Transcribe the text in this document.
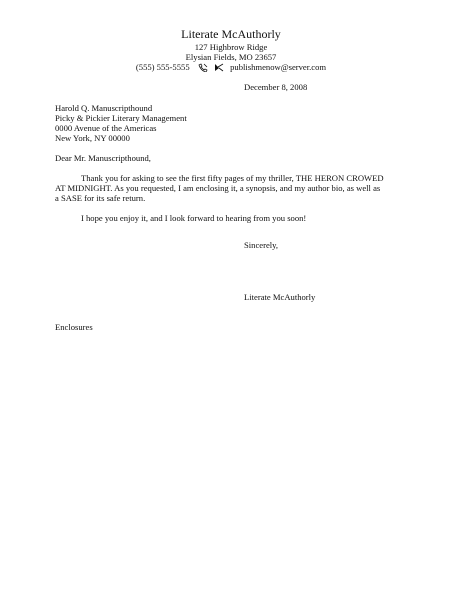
Literate McAuthorly
127 Highbrow Ridge
Elysian Fields, MO 23657
(555) 555-5555	publishmenow@server.com
December 8, 2008
Harold Q. Manuscripthound
Picky & Pickier Literary Management
0000 Avenue of the Americas
New York, NY 00000
Dear Mr. Manuscripthound,
Thank you for asking to see the first fifty pages of my thriller, THE HERON CROWED
AT MIDNIGHT. As you requested, I am enclosing it, a synopsis, and my author bio, as well as
a SASE for its safe return.
I hope you enjoy it, and I look forward to hearing from you soon!
Sincerely,
Literate McAuthorly
Enclosures
